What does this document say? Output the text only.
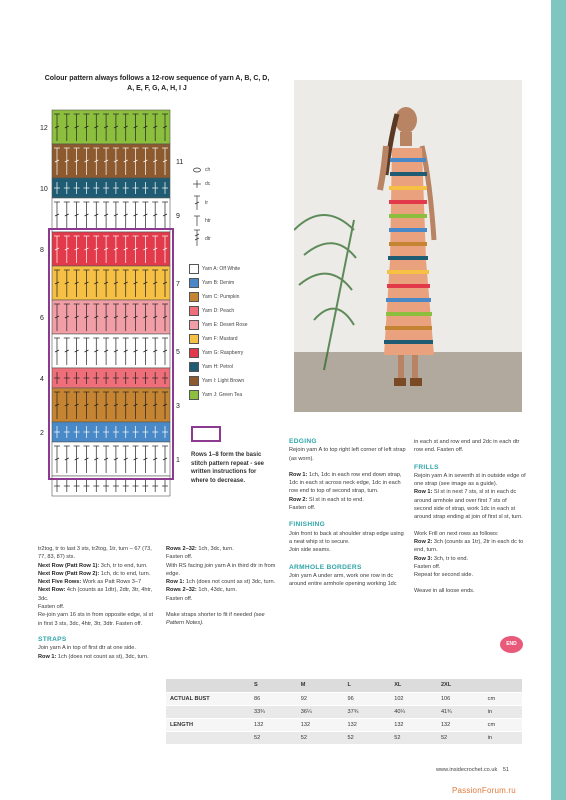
Colour pattern always follows a 12-row sequence of yarn A, B, C, D, A, E, F, G, A, H, I J
12
10
8
6
4
2
11
9
7
5
3
1
ch
dc
tr
htr
dtr
Yarn A: Off White
Yarn B: Denim
Yarn C: Pumpkin
Yarn D: Peach
Yarn E: Desert Rose
Yarn F: Mustard
Yarn G: Raspberry
Yarn H: Petrol
Yarn I: Light Brown
Yarn J: Green Tea
Rows 1–8 form the basic stitch pattern repeat - see written instructions for where to decrease.

tr2tog, tr to last 3 sts, tr2tog, 1tr, turn – 67 (73, 77, 83, 87) sts.

Next Row (Patt Row 1): 3ch, tr to end, turn.

Next Row (Patt Row 2): 1ch, dc to end, turn.

Next Five Rows: Work as Patt Rows 3–7

Next Row: 4ch (counts as 1dtr), 2dtr, 3tr, 4htr, 3dc.

Fasten off.

Re-join yarn 16 sts in from opposite edge, sl st in first 3 sts, 3dc, 4htr, 3tr, 3dtr. Fasten off.

STRAPS

Join yarn A in top of first dtr at one side.

Row 1: 1ch (does not count as st), 3dc, turn.

Rows 2–32: 1ch, 3dc, turn.

Fasten off.

With RS facing join yarn A in third dtr in from edge.

Row 1: 1ch (does not count as st) 3dc, turn.

Rows 2–32: 1ch, 43dc, turn.

Fasten off.

Make straps shorter to fit if needed (see Pattern Notes).

EDGING

Rejoin yarn A to top right left corner of left strap (as worn).

Row 1: 1ch, 1dc in each row end down strap, 1dc in each st across neck edge, 1dc in each row end to top of second strap, turn.

Row 2: Sl st in each st to end.

Fasten off.

FINISHING

Join front to back at shoulder strap edge using a neat whip st to secure.

Join side seams.

ARMHOLE BORDERS

Join yarn A under arm, work one row in dc around entire armhole opening working 1dc

in each st and row end and 2dc in each dtr row end. Fasten off.

FRILLS

Rejoin yarn A in seventh st in outside edge of one strap (see image as a guide).

Row 1: Sl st in next 7 sts, sl st in each dc around armhole and over first 7 sts of second side of strap, work 1dc in each st around strap ending at join of first sl st, turn.

Work Frill on next rows as follows:

Row 2: 3ch (counts as 1tr), 2tr in each dc to end, turn.

Row 3: 3ch, tr to end.

Fasten off.

Repeat for second side.

Weave in all loose ends.

END
	S	M	L	XL	2XL	
ACTUAL BUST	86	92	96	102	106	cm
	33¾	36¼	37¾	40¼	41¾	in
LENGTH	132	132	132	132	132	cm
	52	52	52	52	52	in
www.insidecrochet.co.uk 51
PassionForum.ru
